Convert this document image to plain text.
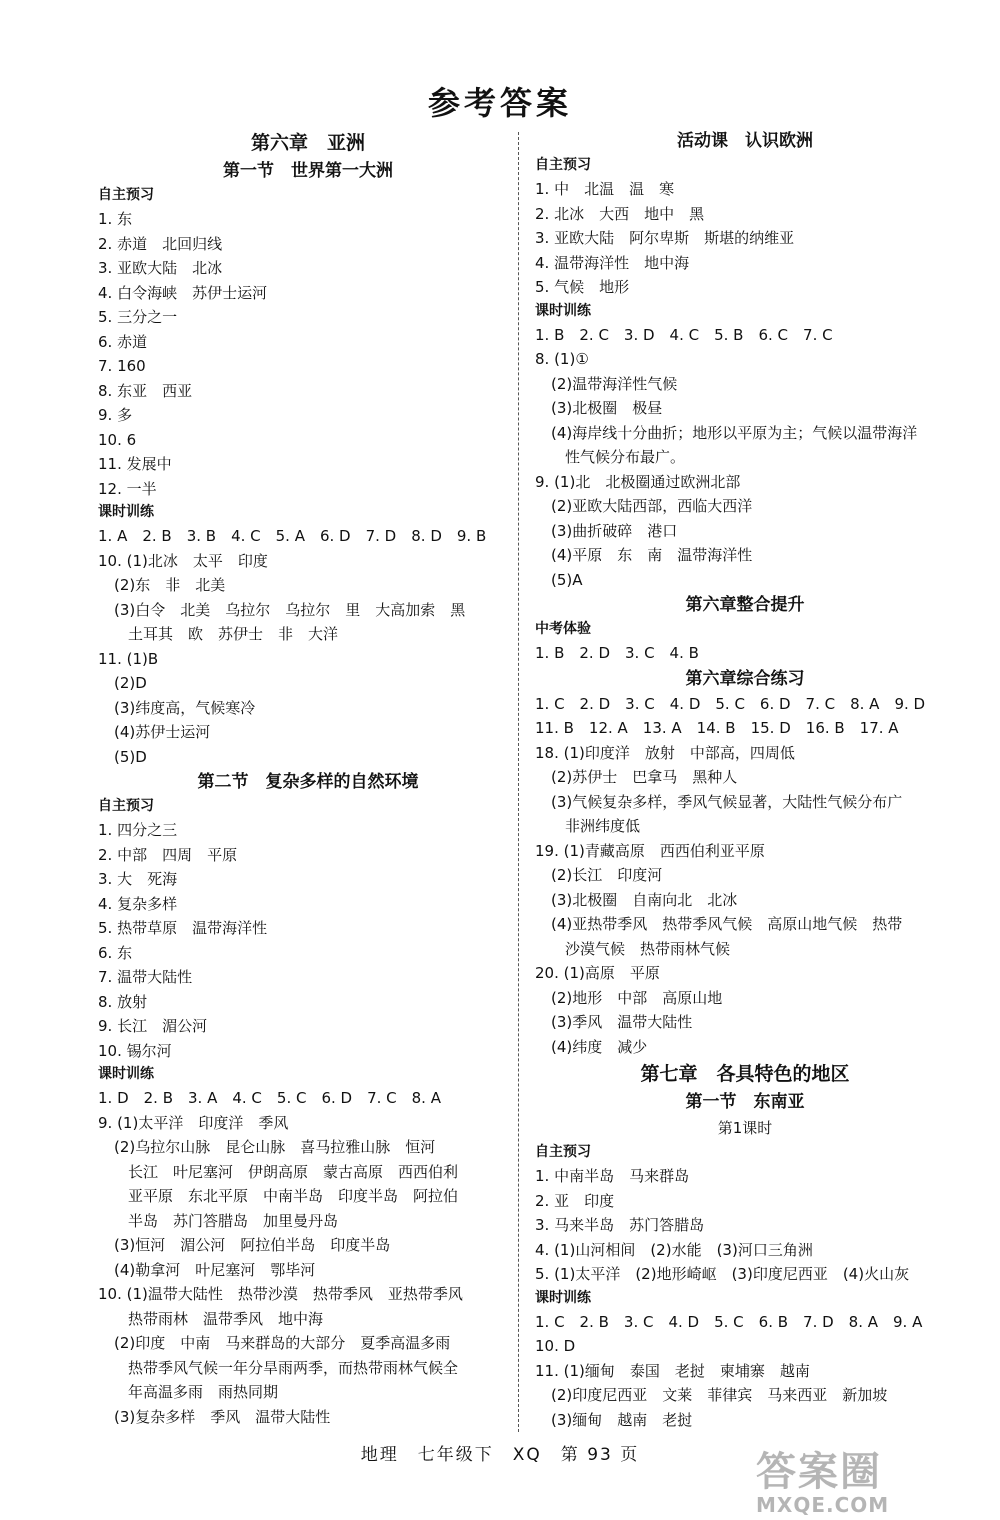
参考答案
第六章　亚洲
第一节　世界第一大洲
自主预习
1. 东
2. 赤道　北回归线
3. 亚欧大陆　北冰
4. 白令海峡　苏伊士运河
5. 三分之一
6. 赤道
7. 160
8. 东亚　西亚
9. 多
10. 6
11. 发展中
12. 一半
课时训练
1. A　2. B　3. B　4. C　5. A　6. D　7. D　8. D　9. B
10. (1)北冰　太平　印度
(2)东　非　北美
(3)白令　北美　乌拉尔　乌拉尔　里　大高加索　黑
土耳其　欧　苏伊士　非　大洋
11. (1)B
(2)D
(3)纬度高，气候寒冷
(4)苏伊士运河
(5)D
第二节　复杂多样的自然环境
自主预习
1. 四分之三
2. 中部　四周　平原
3. 大　死海
4. 复杂多样
5. 热带草原　温带海洋性
6. 东
7. 温带大陆性
8. 放射
9. 长江　湄公河
10. 锡尔河
课时训练
1. D　2. B　3. A　4. C　5. C　6. D　7. C　8. A
9. (1)太平洋　印度洋　季风
(2)乌拉尔山脉　昆仑山脉　喜马拉雅山脉　恒河
长江　叶尼塞河　伊朗高原　蒙古高原　西西伯利
亚平原　东北平原　中南半岛　印度半岛　阿拉伯
半岛　苏门答腊岛　加里曼丹岛
(3)恒河　湄公河　阿拉伯半岛　印度半岛
(4)勒拿河　叶尼塞河　鄂毕河
10. (1)温带大陆性　热带沙漠　热带季风　亚热带季风
热带雨林　温带季风　地中海
(2)印度　中南　马来群岛的大部分　夏季高温多雨
热带季风气候一年分旱雨两季，而热带雨林气候全
年高温多雨　雨热同期
(3)复杂多样　季风　温带大陆性
活动课　认识欧洲
自主预习
1. 中　北温　温　寒
2. 北冰　大西　地中　黑
3. 亚欧大陆　阿尔卑斯　斯堪的纳维亚
4. 温带海洋性　地中海
5. 气候　地形
课时训练
1. B　2. C　3. D　4. C　5. B　6. C　7. C
8. (1)①
(2)温带海洋性气候
(3)北极圈　极昼
(4)海岸线十分曲折；地形以平原为主；气候以温带海洋
性气候分布最广。
9. (1)北　北极圈通过欧洲北部
(2)亚欧大陆西部，西临大西洋
(3)曲折破碎　港口
(4)平原　东　南　温带海洋性
(5)A
第六章整合提升
中考体验
1. B　2. D　3. C　4. B
第六章综合练习
1. C　2. D　3. C　4. D　5. C　6. D　7. C　8. A　9. D
11. B　12. A　13. A　14. B　15. D　16. B　17. A
18. (1)印度洋　放射　中部高，四周低
(2)苏伊士　巴拿马　黑种人
(3)气候复杂多样，季风气候显著，大陆性气候分布广
非洲纬度低
19. (1)青藏高原　西西伯利亚平原
(2)长江　印度河
(3)北极圈　自南向北　北冰
(4)亚热带季风　热带季风气候　高原山地气候　热带
沙漠气候　热带雨林气候
20. (1)高原　平原
(2)地形　中部　高原山地
(3)季风　温带大陆性
(4)纬度　减少
第七章　各具特色的地区
第一节　东南亚
第1课时
自主预习
1. 中南半岛　马来群岛
2. 亚　印度
3. 马来半岛　苏门答腊岛
4. (1)山河相间　(2)水能　(3)河口三角洲
5. (1)太平洋　(2)地形崎岖　(3)印度尼西亚　(4)火山灰
课时训练
1. C　2. B　3. C　4. D　5. C　6. B　7. D　8. A　9. A
10. D
11. (1)缅甸　泰国　老挝　柬埔寨　越南
(2)印度尼西亚　文莱　菲律宾　马来西亚　新加坡
(3)缅甸　越南　老挝
地理　七年级下　XQ　第 93 页	答案圈
MXQE.COM
